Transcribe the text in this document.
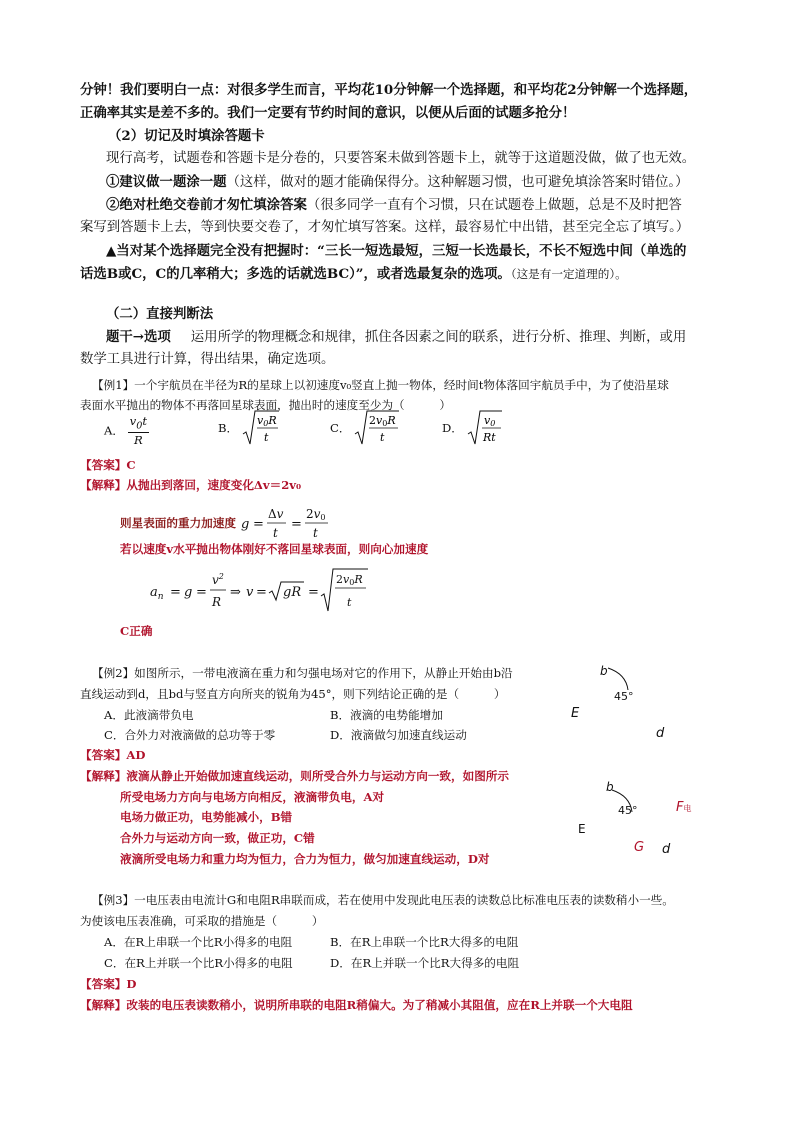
分钟！我们要明白一点：对很多学生而言，平均花10分钟解一个选择题，和平均花2分钟解一个选择题，
正确率其实是差不多的。我们一定要有节约时间的意识，以便从后面的试题多抢分！
（2）切记及时填涂答题卡
现行高考，试题卷和答题卡是分卷的，只要答案未做到答题卡上，就等于这道题没做，做了也无效。
①建议做一题涂一题（这样，做对的题才能确保得分。这种解题习惯，也可避免填涂答案时错位。）
②绝对杜绝交卷前才匆忙填涂答案（很多同学一直有个习惯，只在试题卷上做题，总是不及时把答
案写到答题卡上去，等到快要交卷了，才匆忙填写答案。这样，最容易忙中出错，甚至完全忘了填写。）
▲当对某个选择题完全没有把握时：“三长一短选最短，三短一长选最长，不长不短选中间（单选的
话选B或C，C的几率稍大；多选的话就选BC）”，或者选最复杂的选项。（这是有一定道理的）。
（二）直接判断法
题干→选项 运用所学的物理概念和规律，抓住各因素之间的联系，进行分析、推理、判断，或用
数学工具进行计算，得出结果，确定选项。
【例1】一个宇航员在半径为R的星球上以初速度v₀竖直上抛一物体，经时间t物体落回宇航员手中，为了使沿星球
表面水平抛出的物体不再落回星球表面，抛出时的速度至少为（　　　）
A． $\frac{v_0t}{R}$	B．
v0R
t
C．
2v0R
t
D．
v0
Rt
【答案】C
【解释】从抛出到落回，速度变化Δv＝2v₀
则星表面的重力加速度 g =
Δv
t
=
2v0
t
若以速度v水平抛出物体刚好不落回星球表面，则向心加速度
$a_n = g$ =
$v^2$
R
⇒ v = gR =
2v0R
t
C正确
【例2】如图所示，一带电液滴在重力和匀强电场对它的作用下，从静止开始由b沿
直线运动到d，且bd与竖直方向所夹的锐角为45°，则下列结论正确的是（　　　）
A．此液滴带负电	B．液滴的电势能增加
C．合外力对液滴做的总功等于零	D．液滴做匀加速直线运动
b
45°
E
d
【答案】AD
【解释】液滴从静止开始做加速直线运动，则所受合外力与运动方向一致，如图所示
所受电场力方向与电场方向相反，液滴带负电，A对
电场力做正功，电势能减小，B错
合外力与运动方向一致，做正功，C错
液滴所受电场力和重力均为恒力，合力为恒力，做匀加速直线运动，D对
b
45°	F电
E
G d
【例3】一电压表由电流计G和电阻R串联而成，若在使用中发现此电压表的读数总比标准电压表的读数稍小一些。
为使该电压表准确，可采取的措施是（　　　）
A．在R上串联一个比R小得多的电阻	B．在R上串联一个比R大得多的电阻
C．在R上并联一个比R小得多的电阻	D．在R上并联一个比R大得多的电阻
【答案】D
【解释】改装的电压表读数稍小，说明所串联的电阻R稍偏大。为了稍减小其阻值，应在R上并联一个大电阻
